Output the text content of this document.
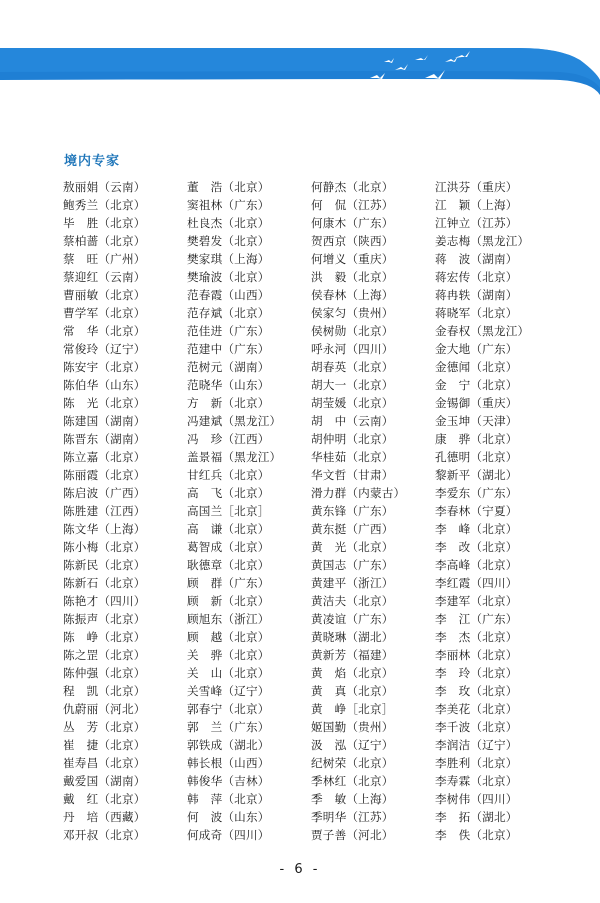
境内专家
敖丽娟（云南）
鲍秀兰（北京）
毕　胜（北京）
蔡柏蔷（北京）
蔡　旺（广州）
蔡迎红（云南）
曹丽敏（北京）
曹学军（北京）
常　华（北京）
常俊玲（辽宁）
陈安宇（北京）
陈伯华（山东）
陈　光（北京）
陈建国（湖南）
陈晋东（湖南）
陈立嘉（北京）
陈丽霞（北京）
陈启波（广西）
陈胜建（江西）
陈文华（上海）
陈小梅（北京）
陈新民（北京）
陈新石（北京）
陈艳才（四川）
陈振声（北京）
陈　峥（北京）
陈之罡（北京）
陈仲强（北京）
程　凯（北京）
仇蔚丽（河北）
丛　芳（北京）
崔　捷（北京）
崔寿昌（北京）
戴爱国（湖南）
戴　红（北京）
丹　培（西藏）
邓开叔（北京）
董　浩（北京）
窦祖林（广东）
杜良杰（北京）
樊碧发（北京）
樊家琪（上海）
樊瑜波（北京）
范春霞（山西）
范存斌（北京）
范佳进（广东）
范建中（广东）
范树元（湖南）
范晓华（山东）
方　新（北京）
冯建斌（黑龙江）
冯　珍（江西）
盖景福（黑龙江）
甘红兵（北京）
高　飞（北京）
高国兰［北京］
高　谦（北京）
葛智成（北京）
耿德章（北京）
顾　群（广东）
顾　新（北京）
顾旭东（浙江）
顾　越（北京）
关　骅（北京）
关　山（北京）
关雪峰（辽宁）
郭春宁（北京）
郭　兰（广东）
郭铁成（湖北）
韩长根（山西）
韩俊华（吉林）
韩　萍（北京）
何　波（山东）
何成奇（四川）
何静杰（北京）
何　侃（江苏）
何康木（广东）
贺西京（陕西）
何增义（重庆）
洪　毅（北京）
侯春林（上海）
侯家匀（贵州）
侯树勋（北京）
呼永河（四川）
胡春英（北京）
胡大一（北京）
胡莹媛（北京）
胡　中（云南）
胡仲明（北京）
华桂茹（北京）
华文哲（甘肃）
滑力群（内蒙古）
黄东锋（广东）
黄东挺（广西）
黄　光（北京）
黄国志（广东）
黄建平（浙江）
黄洁夫（北京）
黄凌谊（广东）
黄晓琳（湖北）
黄新芳（福建）
黄　焰（北京）
黄　真（北京）
黄　峥［北京］
姬国勤（贵州）
汲　泓（辽宁）
纪树荣（北京）
季林红（北京）
季　敏（上海）
季明华（江苏）
贾子善（河北）
江洪芬（重庆）
江　颖（上海）
江钟立（江苏）
姜志梅（黑龙江）
蒋　波（湖南）
蒋宏传（北京）
蒋冉轶（湖南）
蒋晓军（北京）
金春权（黑龙江）
金大地（广东）
金德闻（北京）
金　宁（北京）
金锡御（重庆）
金玉坤（天津）
康　骅（北京）
孔德明（北京）
黎新平（湖北）
李爱东（广东）
李春林（宁夏）
李　峰（北京）
李　改（北京）
李高峰（北京）
李红霞（四川）
李建军（北京）
李　江（广东）
李　杰（北京）
李丽林（北京）
李　玲（北京）
李　玫（北京）
李美花（北京）
李千波（北京）
李润洁（辽宁）
李胜利（北京）
李寿霖（北京）
李树伟（四川）
李　拓（湖北）
李　佚（北京）
- 6 -
